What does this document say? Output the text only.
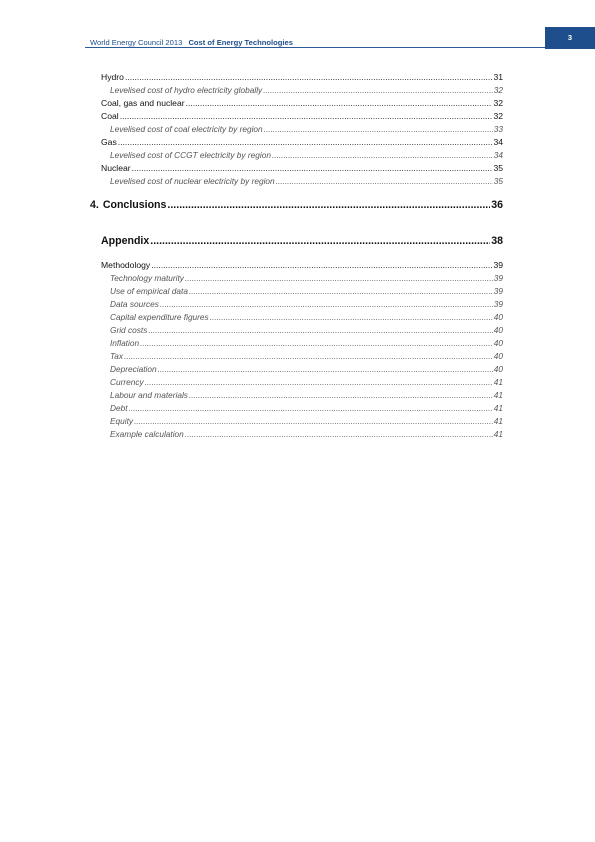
World Energy Council 2013 Cost of Energy Technologies
3
Hydro .....	31
Levelised cost of hydro electricity globally .....	32
Coal, gas and nuclear .....	32
Coal .....	32
Levelised cost of coal electricity by region .....	33
Gas .....	34
Levelised cost of CCGT electricity by region .....	34
Nuclear .....	35
Levelised cost of nuclear electricity by region .....	35
4. Conclusions .....	36
Appendix .....	38
Methodology .....	39
Technology maturity .....	39
Use of empirical data .....	39
Data sources .....	39
Capital expenditure figures .....	40
Grid costs .....	40
Inflation .....	40
Tax .....	40
Depreciation .....	40
Currency .....	41
Labour and materials .....	41
Debt .....	41
Equity .....	41
Example calculation .....	41
